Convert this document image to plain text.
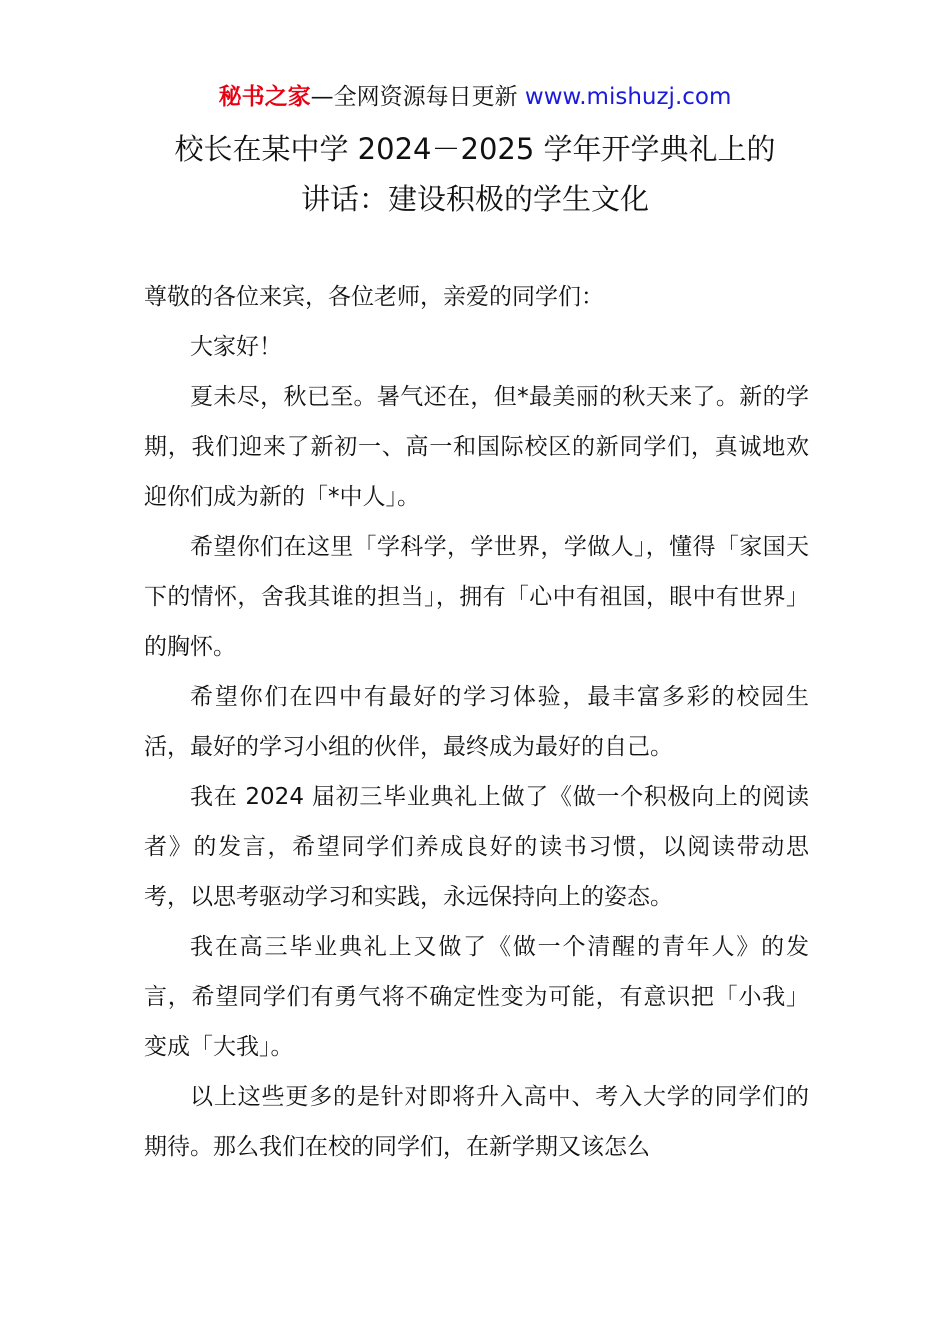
秘书之家—全网资源每日更新 www.mishuzj.com
校长在某中学 2024－2025 学年开学典礼上的
讲话：建设积极的学生文化

尊敬的各位来宾，各位老师，亲爱的同学们：

大家好！

夏未尽，秋已至。暑气还在，但*最美丽的秋天来了。新的学期，我们迎来了新初一、高一和国际校区的新同学们，真诚地欢迎你们成为新的「*中人」。

希望你们在这里「学科学，学世界，学做人」，懂得「家国天下的情怀，舍我其谁的担当」，拥有「心中有祖国，眼中有世界」的胸怀。

希望你们在四中有最好的学习体验，最丰富多彩的校园生活，最好的学习小组的伙伴，最终成为最好的自己。

我在 2024 届初三毕业典礼上做了《做一个积极向上的阅读者》的发言，希望同学们养成良好的读书习惯，以阅读带动思考，以思考驱动学习和实践，永远保持向上的姿态。

我在高三毕业典礼上又做了《做一个清醒的青年人》的发言，希望同学们有勇气将不确定性变为可能，有意识把「小我」变成「大我」。

以上这些更多的是针对即将升入高中、考入大学的同学们的期待。那么我们在校的同学们，在新学期又该怎么
